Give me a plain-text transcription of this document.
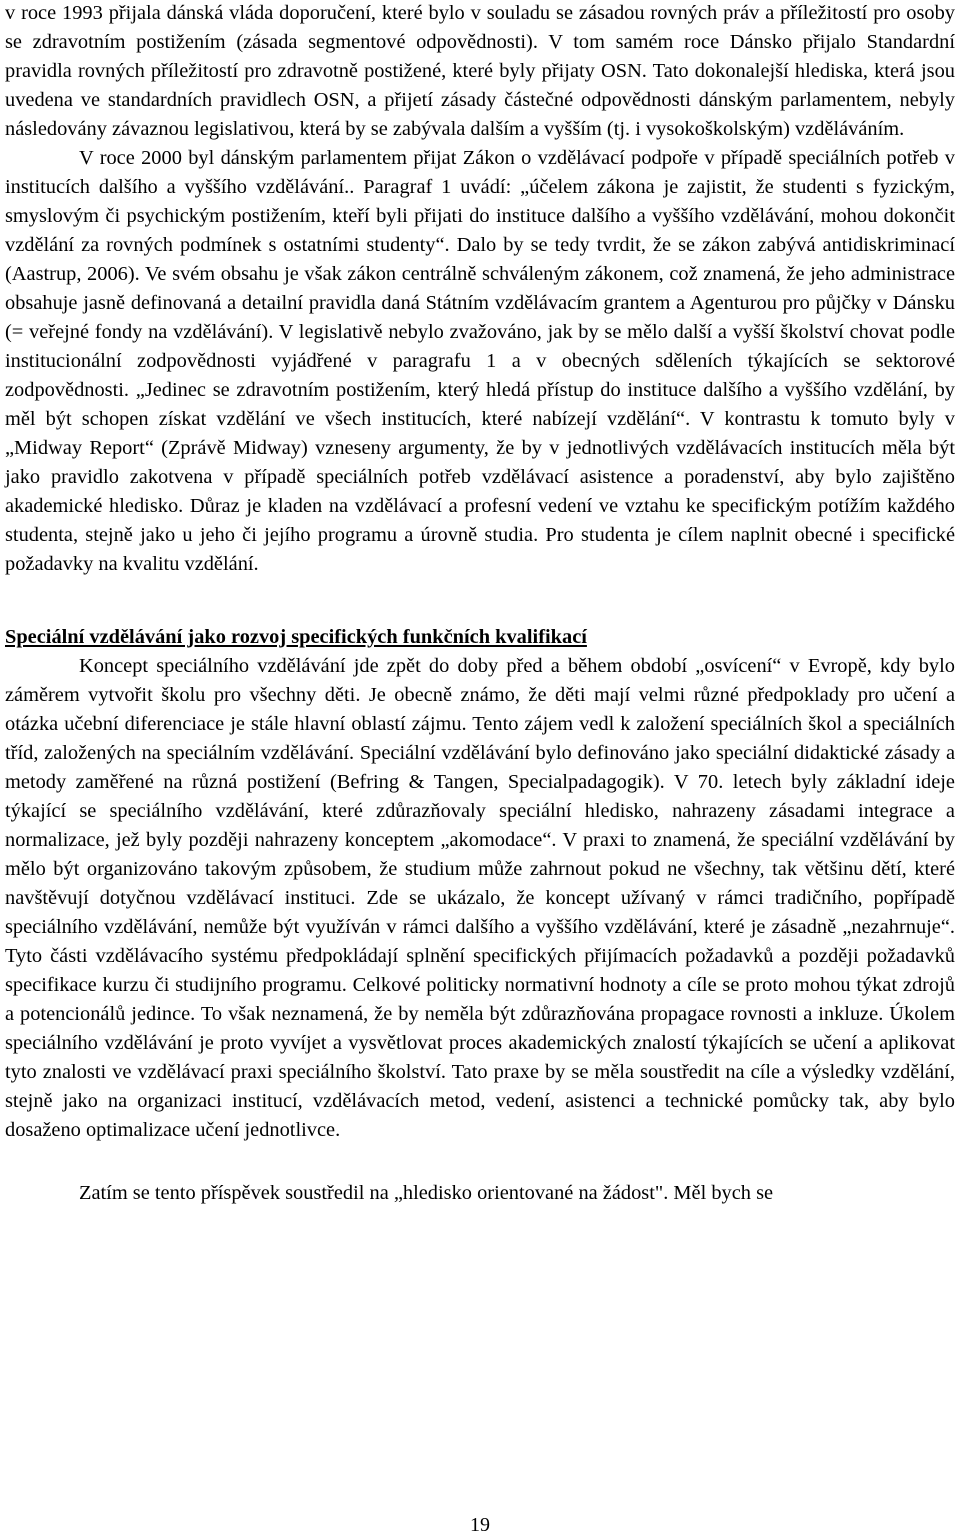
v roce 1993 přijala dánská vláda doporučení, které bylo v souladu se zásadou rovných práv a příležitostí pro osoby se zdravotním postižením (zásada segmentové odpovědnosti). V tom samém roce Dánsko přijalo Standardní pravidla rovných příležitostí pro zdravotně postižené, které byly přijaty OSN. Tato dokonalejší hlediska, která jsou uvedena ve standardních pravidlech OSN, a přijetí zásady částečné odpovědnosti dánským parlamentem, nebyly následovány závaznou legislativou, která by se zabývala dalším a vyšším (tj. i vysokoškolským) vzděláváním.

V roce 2000 byl dánským parlamentem přijat Zákon o vzdělávací podpoře v případě speciálních potřeb v institucích dalšího a vyššího vzdělávání.. Paragraf 1 uvádí: „účelem zákona je zajistit, že studenti s fyzickým, smyslovým či psychickým postižením, kteří byli přijati do instituce dalšího a vyššího vzdělávání, mohou dokončit vzdělání za rovných podmínek s ostatními studenty“. Dalo by se tedy tvrdit, že se zákon zabývá antidiskriminací (Aastrup, 2006). Ve svém obsahu je však zákon centrálně schváleným zákonem, což znamená, že jeho administrace obsahuje jasně definovaná a detailní pravidla daná Státním vzdělávacím grantem a Agenturou pro půjčky v Dánsku (= veřejné fondy na vzdělávání). V legislativě nebylo zvažováno, jak by se mělo další a vyšší školství chovat podle institucionální zodpovědnosti vyjádřené v paragrafu 1 a v obecných sděleních týkajících se sektorové zodpovědnosti. „Jedinec se zdravotním postižením, který hledá přístup do instituce dalšího a vyššího vzdělání, by měl být schopen získat vzdělání ve všech institucích, které nabízejí vzdělání“. V kontrastu k tomuto byly v „Midway Report“ (Zprávě Midway) vzneseny argumenty, že by v jednotlivých vzdělávacích institucích měla být jako pravidlo zakotvena v případě speciálních potřeb vzdělávací asistence a poradenství, aby bylo zajištěno akademické hledisko. Důraz je kladen na vzdělávací a profesní vedení ve vztahu ke specifickým potížím každého studenta, stejně jako u jeho či jejího programu a úrovně studia. Pro studenta je cílem naplnit obecné i specifické požadavky na kvalitu vzdělání.

Speciální vzdělávání jako rozvoj specifických funkčních kvalifikací

Koncept speciálního vzdělávání jde zpět do doby před a během období „osvícení“ v Evropě, kdy bylo záměrem vytvořit školu pro všechny děti. Je obecně známo, že děti mají velmi různé předpoklady pro učení a otázka učební diferenciace je stále hlavní oblastí zájmu. Tento zájem vedl k založení speciálních škol a speciálních tříd, založených na speciálním vzdělávání. Speciální vzdělávání bylo definováno jako speciální didaktické zásady a metody zaměřené na různá postižení (Befring & Tangen, Specialpadagogik). V 70. letech byly základní ideje týkající se speciálního vzdělávání, které zdůrazňovaly speciální hledisko, nahrazeny zásadami integrace a normalizace, jež byly později nahrazeny konceptem „akomodace“. V praxi to znamená, že speciální vzdělávání by mělo být organizováno takovým způsobem, že studium může zahrnout pokud ne všechny, tak většinu dětí, které navštěvují dotyčnou vzdělávací instituci. Zde se ukázalo, že koncept užívaný v rámci tradičního, popřípadě speciálního vzdělávání, nemůže být využíván v rámci dalšího a vyššího vzdělávání, které je zásadně „nezahrnuje“. Tyto části vzdělávacího systému předpokládají splnění specifických přijímacích požadavků a později požadavků specifikace kurzu či studijního programu. Celkové politicky normativní hodnoty a cíle se proto mohou týkat zdrojů a potencionálů jedince. To však neznamená, že by neměla být zdůrazňována propagace rovnosti a inkluze. Úkolem speciálního vzdělávání je proto vyvíjet a vysvětlovat proces akademických znalostí týkajících se učení a aplikovat tyto znalosti ve vzdělávací praxi speciálního školství. Tato praxe by se měla soustředit na cíle a výsledky vzdělání, stejně jako na organizaci institucí, vzdělávacích metod, vedení, asistenci a technické pomůcky tak, aby bylo dosaženo optimalizace učení jednotlivce.

Zatím se tento příspěvek soustředil na „hledisko orientované na žádost". Měl bych se

19
